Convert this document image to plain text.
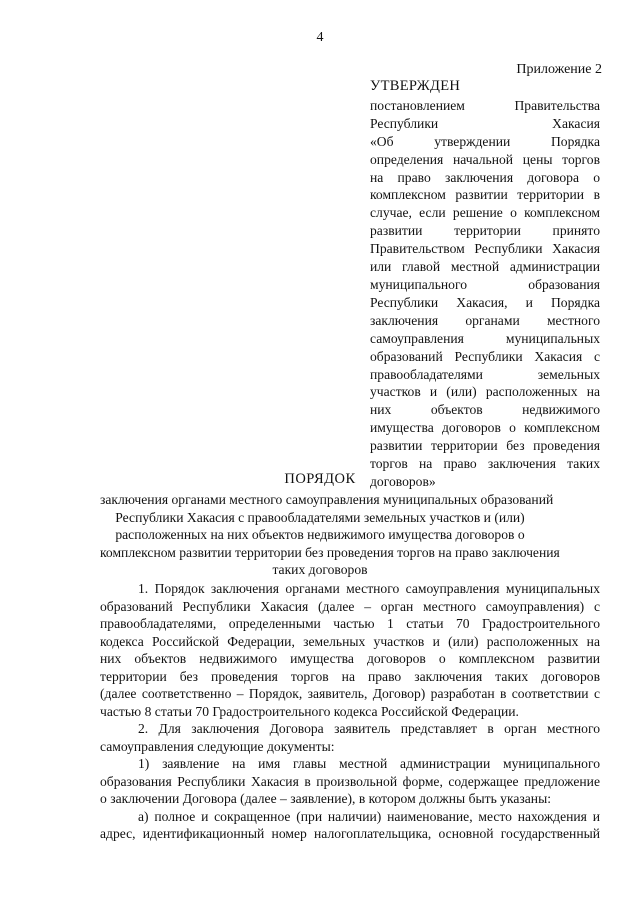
4
Приложение 2
УТВЕРЖДЕН
постановлением Правительства
Республики Хакасия
«Об утверждении Порядка
определения начальной цены торгов
на право заключения договора о
комплексном развитии территории в
случае, если решение о комплексном
развитии территории принято
Правительством Республики Хакасия
или главой местной администрации
муниципального образования
Республики Хакасия, и Порядка
заключения органами местного
самоуправления муниципальных
образований Республики Хакасия с
правообладателями земельных
участков и (или) расположенных на
них объектов недвижимого
имущества договоров о комплексном
развитии территории без проведения
торгов на право заключения таких
договоров»
ПОРЯДОК
заключения органами местного самоуправления муниципальных образований
Республики Хакасия с правообладателями земельных участков и (или)
расположенных на них объектов недвижимого имущества договоров о
комплексном развитии территории без проведения торгов на право заключения
таких договоров
1. Порядок заключения органами местного самоуправления муниципальных
образований Республики Хакасия (далее – орган местного самоуправления) с
правообладателями, определенными частью 1 статьи 70 Градостроительного
кодекса Российской Федерации, земельных участков и (или) расположенных на
них объектов недвижимого имущества договоров о комплексном развитии
территории без проведения торгов на право заключения таких договоров
(далее соответственно – Порядок, заявитель, Договор) разработан в соответствии с
частью 8 статьи 70 Градостроительного кодекса Российской Федерации.
2. Для заключения Договора заявитель представляет в орган местного
самоуправления следующие документы:
1) заявление на имя главы местной администрации муниципального
образования Республики Хакасия в произвольной форме, содержащее предложение
о заключении Договора (далее – заявление), в котором должны быть указаны:
а) полное и сокращенное (при наличии) наименование, место нахождения и
адрес, идентификационный номер налогоплательщика, основной государственный
